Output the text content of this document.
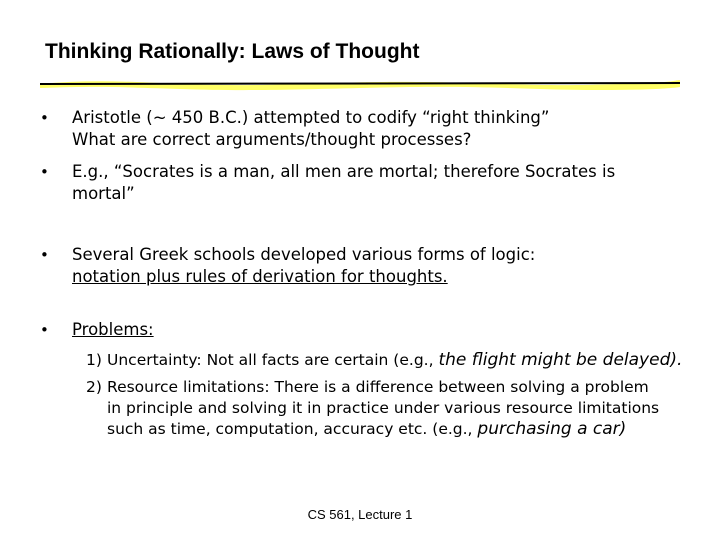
Thinking Rationally: Laws of Thought
• Aristotle (~ 450 B.C.) attempted to codify “right thinking”
What are correct arguments/thought processes?
• E.g., “Socrates is a man, all men are mortal; therefore Socrates is
mortal”
• Several Greek schools developed various forms of logic:
notation plus rules of derivation for thoughts.
• Problems:
1) Uncertainty: Not all facts are certain (e.g., the flight might be delayed).
2) Resource limitations: There is a difference between solving a problem
in principle and solving it in practice under various resource limitations
such as time, computation, accuracy etc. (e.g., purchasing a car)
CS 561, Lecture 1
